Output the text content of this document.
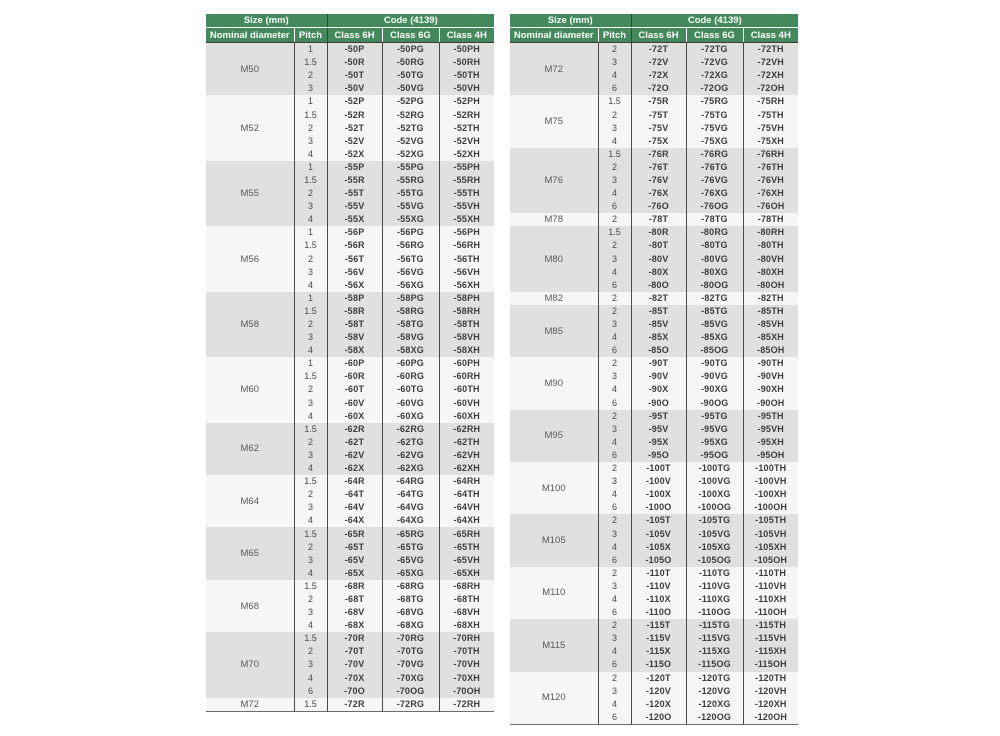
Size (mm)		Code (4139)		
Nominal diameter	Pitch	Class 6H	Class 6G	Class 4H
M50	1	-50P	-50PG	-50PH
	1.5	-50R	-50RG	-50RH
	2	-50T	-50TG	-50TH
	3	-50V	-50VG	-50VH
M52	1	-52P	-52PG	-52PH
	1.5	-52R	-52RG	-52RH
	2	-52T	-52TG	-52TH
	3	-52V	-52VG	-52VH
	4	-52X	-52XG	-52XH
M55	1	-55P	-55PG	-55PH
	1.5	-55R	-55RG	-55RH
	2	-55T	-55TG	-55TH
	3	-55V	-55VG	-55VH
	4	-55X	-55XG	-55XH
M56	1	-56P	-56PG	-56PH
	1.5	-56R	-56RG	-56RH
	2	-56T	-56TG	-56TH
	3	-56V	-56VG	-56VH
	4	-56X	-56XG	-56XH
M58	1	-58P	-58PG	-58PH
	1.5	-58R	-58RG	-58RH
	2	-58T	-58TG	-58TH
	3	-58V	-58VG	-58VH
	4	-58X	-58XG	-58XH
M60	1	-60P	-60PG	-60PH
	1.5	-60R	-60RG	-60RH
	2	-60T	-60TG	-60TH
	3	-60V	-60VG	-60VH
	4	-60X	-60XG	-60XH
M62	1.5	-62R	-62RG	-62RH
	2	-62T	-62TG	-62TH
	3	-62V	-62VG	-62VH
	4	-62X	-62XG	-62XH
M64	1.5	-64R	-64RG	-64RH
	2	-64T	-64TG	-64TH
	3	-64V	-64VG	-64VH
	4	-64X	-64XG	-64XH
M65	1.5	-65R	-65RG	-65RH
	2	-65T	-65TG	-65TH
	3	-65V	-65VG	-65VH
	4	-65X	-65XG	-65XH
M68	1.5	-68R	-68RG	-68RH
	2	-68T	-68TG	-68TH
	3	-68V	-68VG	-68VH
	4	-68X	-68XG	-68XH
M70	1.5	-70R	-70RG	-70RH
	2	-70T	-70TG	-70TH
	3	-70V	-70VG	-70VH
	4	-70X	-70XG	-70XH
	6	-70O	-70OG	-70OH
M72	1.5	-72R	-72RG	-72RH
Size (mm)		Code (4139)		
Nominal diameter	Pitch	Class 6H	Class 6G	Class 4H
M72	2	-72T	-72TG	-72TH
	3	-72V	-72VG	-72VH
	4	-72X	-72XG	-72XH
	6	-72O	-72OG	-72OH
M75	1.5	-75R	-75RG	-75RH
	2	-75T	-75TG	-75TH
	3	-75V	-75VG	-75VH
	4	-75X	-75XG	-75XH
M76	1.5	-76R	-76RG	-76RH
	2	-76T	-76TG	-76TH
	3	-76V	-76VG	-76VH
	4	-76X	-76XG	-76XH
	6	-76O	-76OG	-76OH
M78	2	-78T	-78TG	-78TH
M80	1.5	-80R	-80RG	-80RH
	2	-80T	-80TG	-80TH
	3	-80V	-80VG	-80VH
	4	-80X	-80XG	-80XH
	6	-80O	-80OG	-80OH
M82	2	-82T	-82TG	-82TH
M85	2	-85T	-85TG	-85TH
	3	-85V	-85VG	-85VH
	4	-85X	-85XG	-85XH
	6	-85O	-85OG	-85OH
M90	2	-90T	-90TG	-90TH
	3	-90V	-90VG	-90VH
	4	-90X	-90XG	-90XH
	6	-90O	-90OG	-90OH
M95	2	-95T	-95TG	-95TH
	3	-95V	-95VG	-95VH
	4	-95X	-95XG	-95XH
	6	-95O	-95OG	-95OH
M100	2	-100T	-100TG	-100TH
	3	-100V	-100VG	-100VH
	4	-100X	-100XG	-100XH
	6	-100O	-100OG	-100OH
M105	2	-105T	-105TG	-105TH
	3	-105V	-105VG	-105VH
	4	-105X	-105XG	-105XH
	6	-105O	-105OG	-105OH
M110	2	-110T	-110TG	-110TH
	3	-110V	-110VG	-110VH
	4	-110X	-110XG	-110XH
	6	-110O	-110OG	-110OH
M115	2	-115T	-115TG	-115TH
	3	-115V	-115VG	-115VH
	4	-115X	-115XG	-115XH
	6	-115O	-115OG	-115OH
M120	2	-120T	-120TG	-120TH
	3	-120V	-120VG	-120VH
	4	-120X	-120XG	-120XH
	6	-120O	-120OG	-120OH
